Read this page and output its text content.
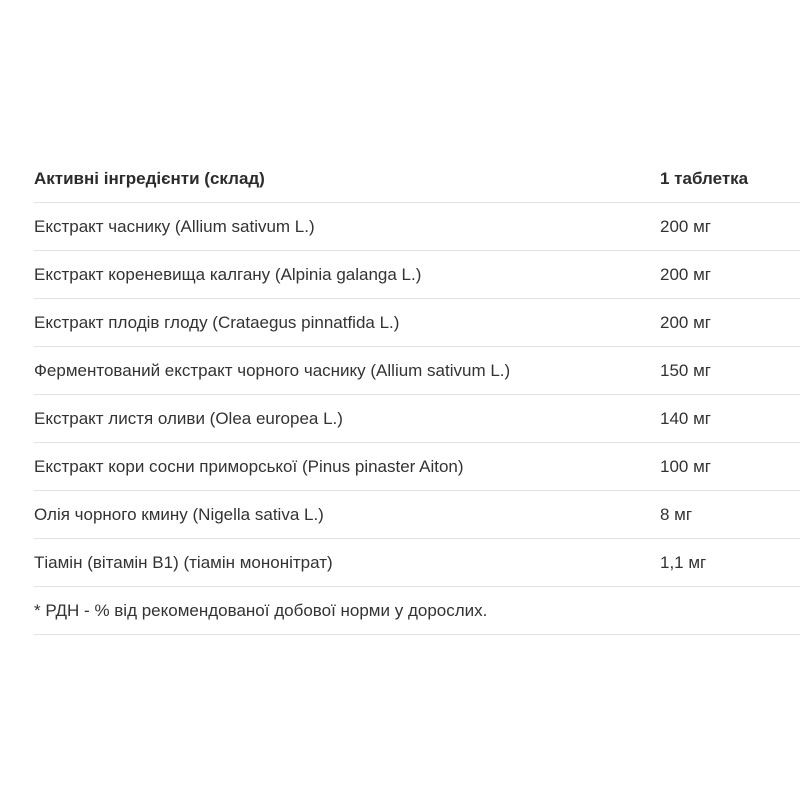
Активні інгредієнти (склад)	1 таблетка
Екстракт часнику (Allium sativum L.)	200 мг
Екстракт кореневища калгану (Alpinia galanga L.)	200 мг
Екстракт плодів глоду (Crataegus pinnatfida L.)	200 мг
Ферментований екстракт чорного часнику (Allium sativum L.)	150 мг
Екстракт листя оливи (Olea europea L.)	140 мг
Екстракт кори сосни приморської (Pinus pinaster Aiton)	100 мг
Олія чорного кмину (Nigella sativa L.)	8 мг
Тіамін (вітамін В1) (тіамін мононітрат)	1,1 мг
* РДН - % від рекомендованої добової норми у дорослих.
